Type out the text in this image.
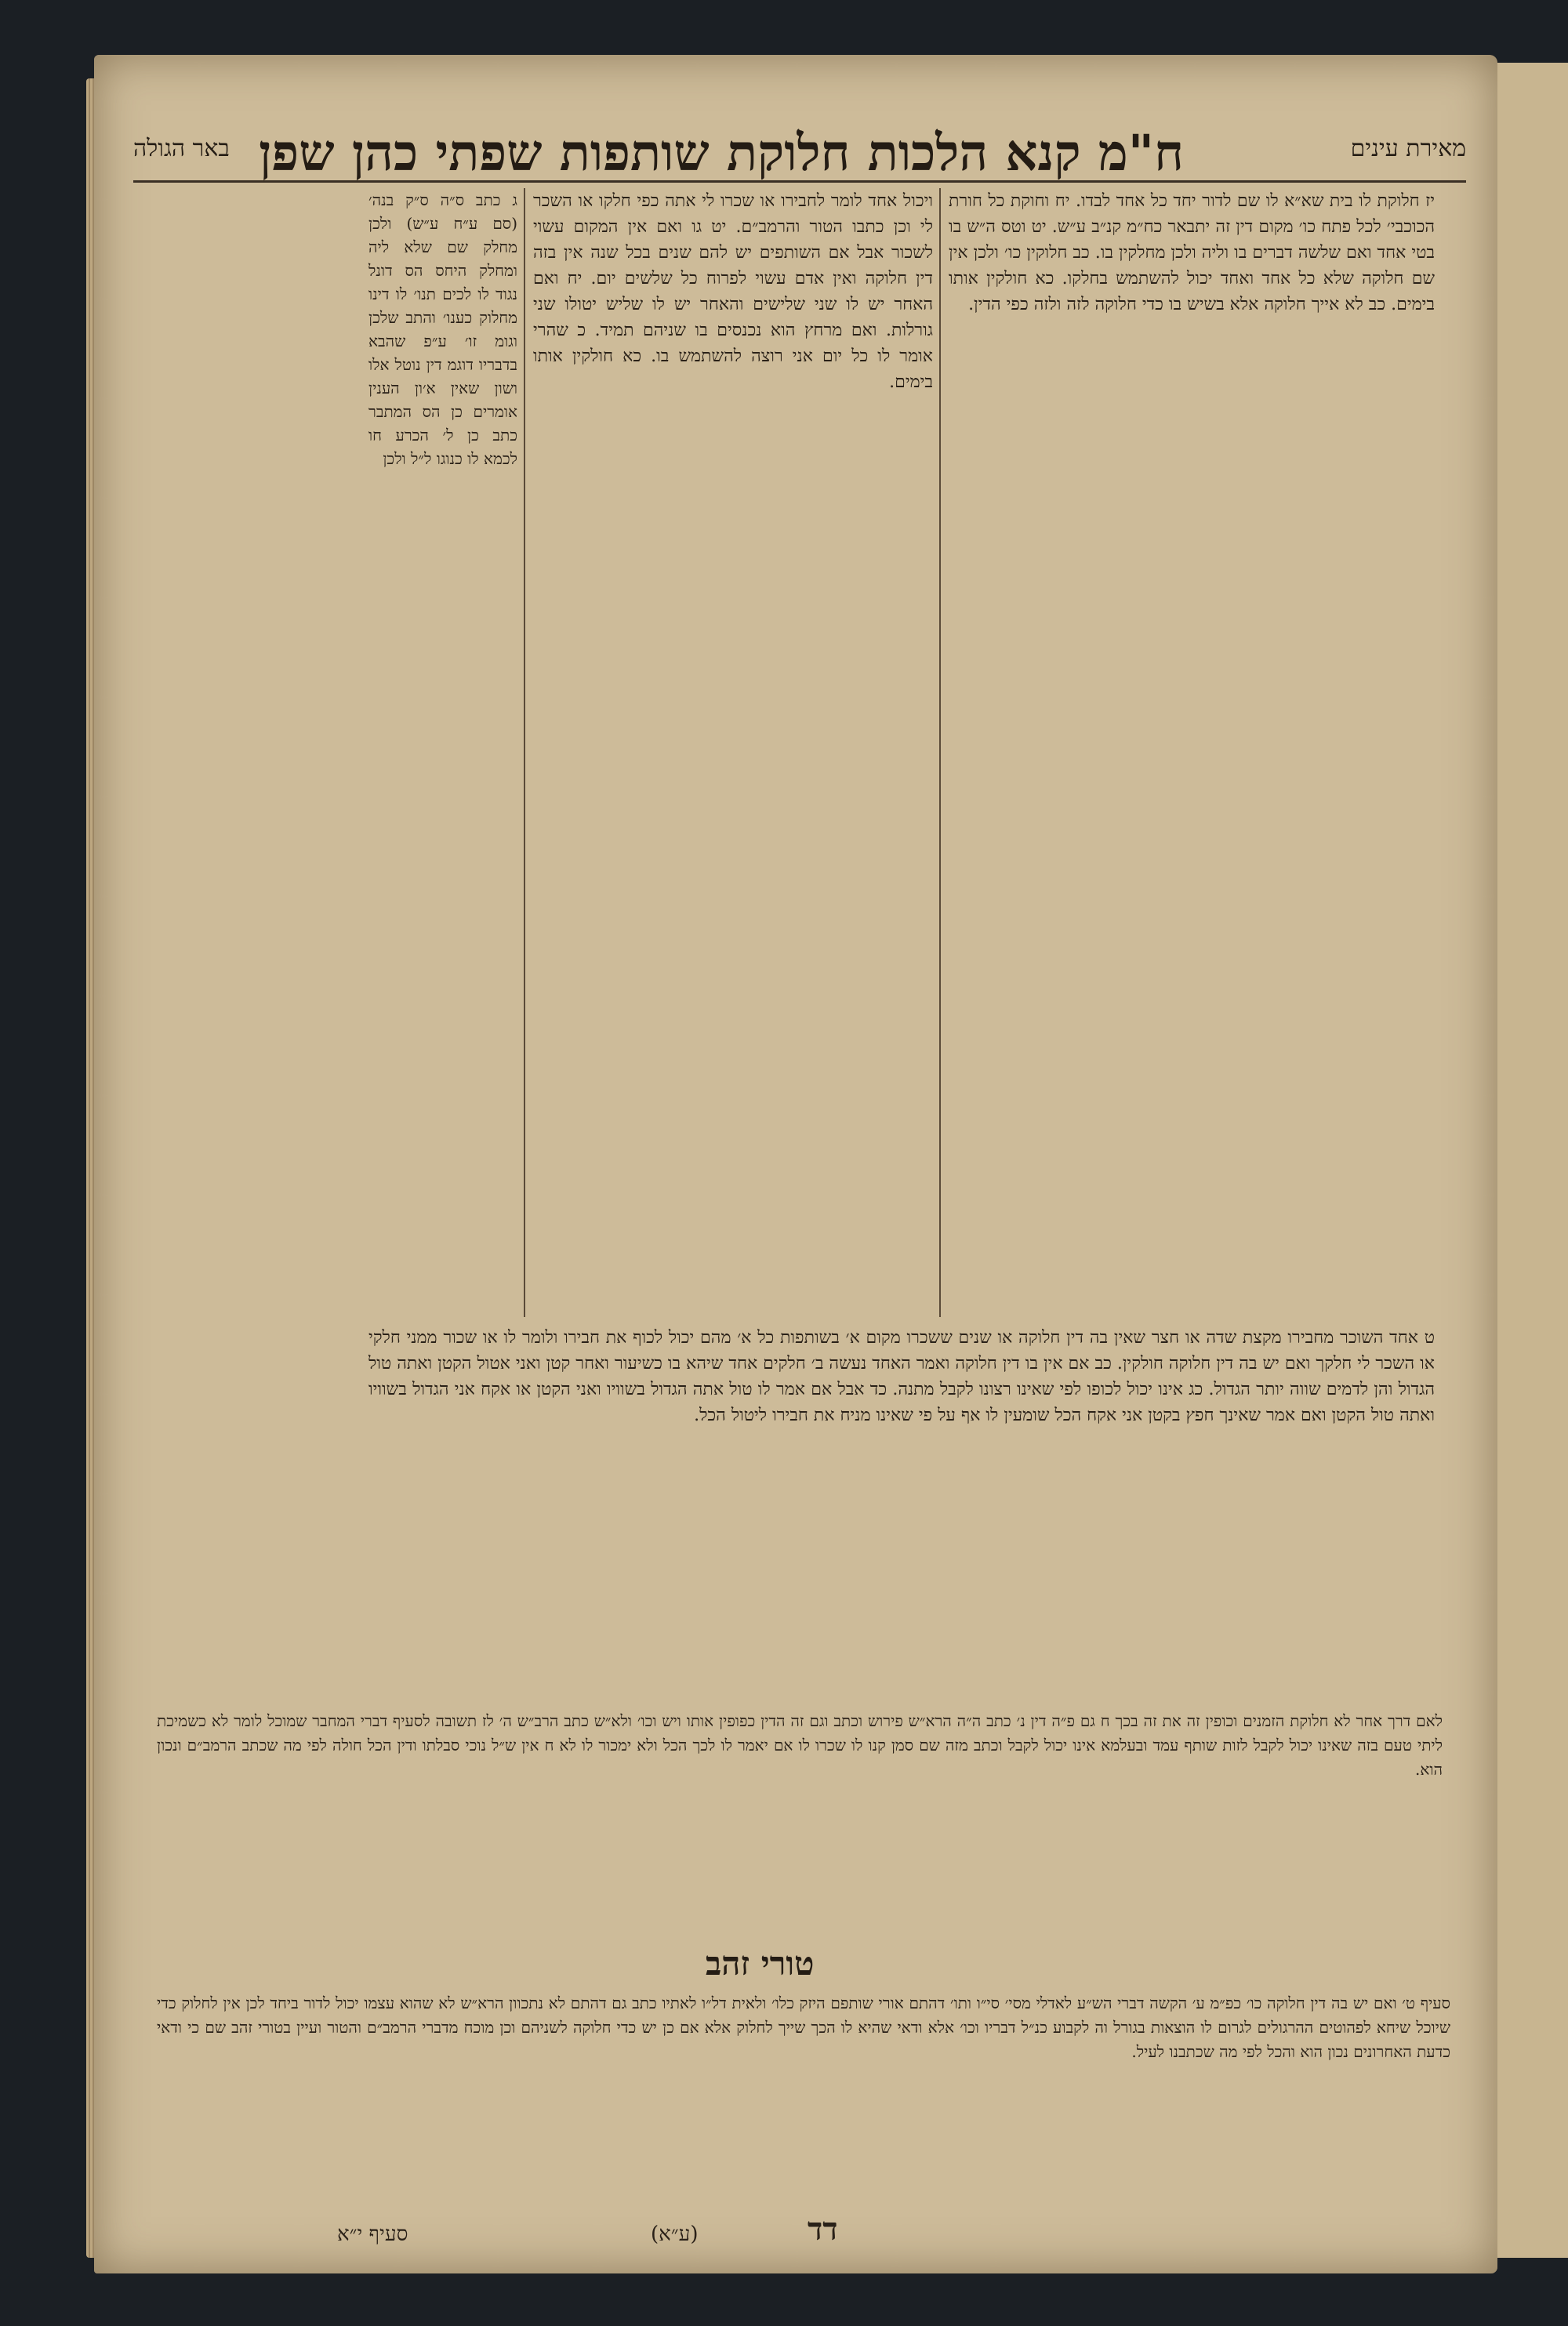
מאירת עינים
ח"מ קנא הלכות חלוקת שותפות שפתי כהן שפן
באר הגולה
יז חלוקת לו בית שא״א לו שם לדור יחד כל אחד לבדו. יח וחוקת כל חורת הכוכבי׳ לכל פתח כו׳ מקום דין זה יתבאר כח״מ קנ״ב ע״ש. יט וטס ה״ש בו בטי אחד ואם שלשה דברים בו וליה ולכן מחלקין בו. כב חלוקין כו׳ ולכן אין שם חלוקה שלא כל אחד ואחד יכול להשתמש בחלקו. כא חולקין אותו בימים. כב לא אייך חלוקה אלא בשיש בו כדי חלוקה לזה ולזה כפי הדין.
ויכול אחד לומר לחבירו או שכרו לי אתה כפי חלקו או השכר לי וכן כתבו הטור והרמב״ם. יט גו ואם אין המקום עשוי לשכור אבל אם השותפים יש להם שנים בכל שנה אין בזה דין חלוקה ואין אדם עשוי לפרוח כל שלשים יום. יח ואם האחר יש לו שני שלישים והאחר יש לו שליש יטולו שני גורלות. ואם מרחץ הוא נכנסים בו שניהם תמיד. כ שהרי אומר לו כל יום אני רוצה להשתמש בו. כא חולקין אותו בימים.
ג כתב ס״ה ס״ק בנה׳ (סם ע״ח ע״ש) ולכן מחלק שם שלא ליה ומחלק היחס הס דונל נגוד לו לכים תנו׳ לו דינו מחלוק כענו׳ והתב שלכן וגומ זו׳ ע״פ שהבא בדבריו דוגמ דין נוטל אלו ושון שאין א׳ון הענין אומרים כן הס המתבר כתב כן ל׳ הכרע חו לכמא לו כנוגו ל״ל ולכן
ט אחד השוכר מחבירו מקצת שדה או חצר שאין בה דין חלוקה או שנים ששכרו מקום א׳ בשותפות כל א׳ מהם יכול לכוף את חבירו ולומר לו או שכור ממני חלקי או השכר לי חלקך ואם יש בה דין חלוקה חולקין. כב אם אין בו דין חלוקה ואמר האחד נעשה ב׳ חלקים אחד שיהא בו כשיעור ואחר קטן ואני אטול הקטן ואתה טול הגדול והן לדמים שווה יותר הגדול. כג אינו יכול לכופו לפי שאינו רצונו לקבל מתנה. כד אבל אם אמר לו טול אתה הגדול בשוויו ואני הקטן או אקח אני הגדול בשוויו ואתה טול הקטן ואם אמר שאינך חפץ בקטן אני אקח הכל שומעין לו אף על פי שאינו מניח את חבירו ליטול הכל.
לאם דרך אחר לא חלוקת הזמנים וכופין זה את זה בכך ח גם פ״ה דין נ׳ כתב ה״ה הרא״ש פירוש וכתב וגם זה הדין כפופין אותו ויש וכו׳ ולא״ש כתב הרב״ש ה׳ לז תשובה לסעיף דברי המחבר שמוכל לומר לא כשמיכת ליתי טעם בזה שאינו יכול לקבל לזות שותף עמד ובעלמא אינו יכול לקבל וכתב מזה שם סמן קנו לו שכרו לו אם יאמר לו לכך הכל ולא ימכור לו לא ח אין ש״ל נוכי סבלתו ודין הכל חולה לפי מה שכתב הרמב״ם ונכון הוא.
טורי זהב
סעיף ט׳ ואם יש בה דין חלוקה כו׳ כפ״מ ע׳ הקשה דברי הש״ע לאדלי מסי׳ סי״ו ותו׳ דהתם אורי שותפם היזק כלו׳ ולאית דל״ו לאתיו כתב גם דהתם לא נתכוון הרא״ש לא שהוא עצמו יכול לדור ביחד לכן אין לחלוק כדי שיוכל שיחא לפהוטים ההרגולים לגרום לו הוצאות בגורל וה לקבוע כנ״ל דבריו וכו׳ אלא ודאי שהיא לו הכך שייך לחלוק אלא אם כן יש כדי חלוקה לשניהם וכן מוכח מדברי הרמב״ם והטור ועיין בטורי זהב שם כי ודאי כדעת האחרונים נכון הוא והכל לפי מה שכתבנו לעיל.
סעיף י״א	(ע״א)	דד
